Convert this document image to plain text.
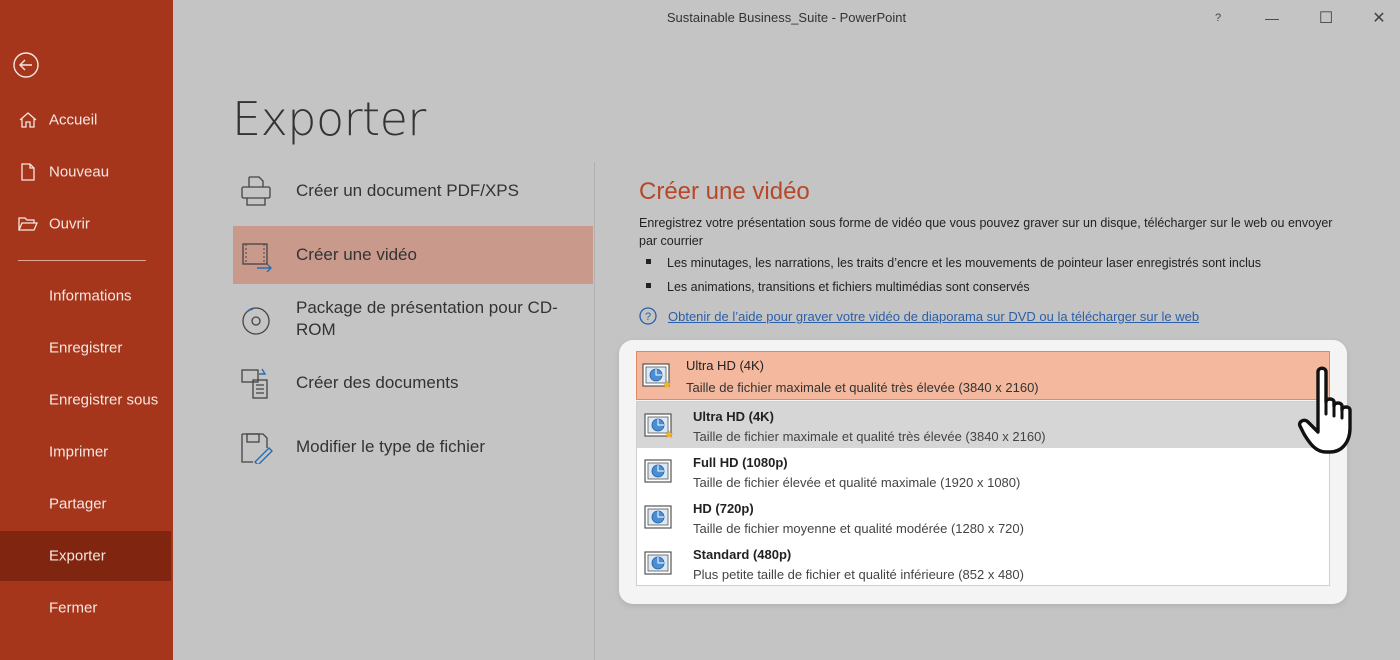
Accueil
Nouveau
Ouvrir
Informations
Enregistrer
Enregistrer sous
Imprimer
Partager
Exporter
Fermer
Sustainable Business_Suite - PowerPoint	?	—	☐	✕
Exporter
Créer un document PDF/XPS
Créer une vidéo
Package de présentation pour CD-ROM
Créer des documents
Modifier le type de fichier
Créer une vidéo
Enregistrez votre présentation sous forme de vidéo que vous pouvez graver sur un disque, télécharger sur le web ou envoyer par courrier
Les minutages, les narrations, les traits d’encre et les mouvements de pointeur laser enregistrés sont inclus
Les animations, transitions et fichiers multimédias sont conservés
? Obtenir de l’aide pour graver votre vidéo de diaporama sur DVD ou la télécharger sur le web
Ultra HD (4K)
Taille de fichier maximale et qualité très élevée (3840 x 2160)
Ultra HD (4K)
Taille de fichier maximale et qualité très élevée (3840 x 2160)
Full HD (1080p)
Taille de fichier élevée et qualité maximale (1920 x 1080)
HD (720p)
Taille de fichier moyenne et qualité modérée (1280 x 720)
Standard (480p)
Plus petite taille de fichier et qualité inférieure (852 x 480)
